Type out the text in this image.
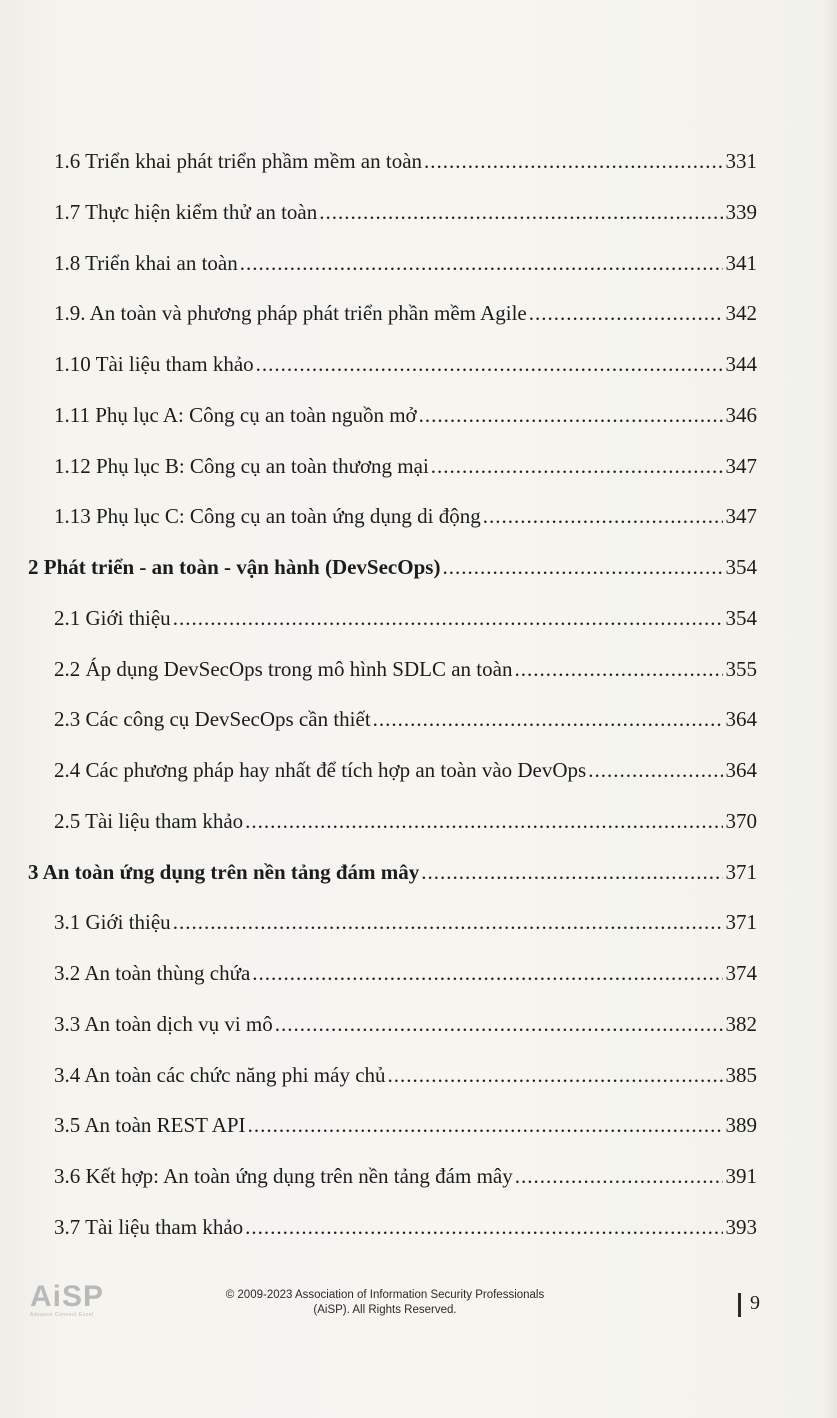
1.6 Triển khai phát triển phầm mềm an toàn .....	331
1.7 Thực hiện kiểm thử an toàn .....	339
1.8 Triển khai an toàn .....	341
1.9. An toàn và phương pháp phát triển phần mềm Agile .....	342
1.10 Tài liệu tham khảo .....	344
1.11 Phụ lục A: Công cụ an toàn nguồn mở .....	346
1.12 Phụ lục B: Công cụ an toàn thương mại .....	347
1.13 Phụ lục C: Công cụ an toàn ứng dụng di động .....	347
2 Phát triển - an toàn - vận hành (DevSecOps) .....	354
2.1 Giới thiệu .....	354
2.2 Áp dụng DevSecOps trong mô hình SDLC an toàn .....	355
2.3 Các công cụ DevSecOps cần thiết .....	364
2.4 Các phương pháp hay nhất để tích hợp an toàn vào DevOps .....	364
2.5 Tài liệu tham khảo .....	370
3 An toàn ứng dụng trên nền tảng đám mây .....	371
3.1 Giới thiệu .....	371
3.2 An toàn thùng chứa .....	374
3.3 An toàn dịch vụ vi mô .....	382
3.4 An toàn các chức năng phi máy chủ .....	385
3.5 An toàn REST API .....	389
3.6 Kết hợp: An toàn ứng dụng trên nền tảng đám mây .....	391
3.7 Tài liệu tham khảo .....	393
AiSP
Advance Connect Excel
© 2009-2023 Association of Information Security Professionals
(AiSP). All Rights Reserved.	9
